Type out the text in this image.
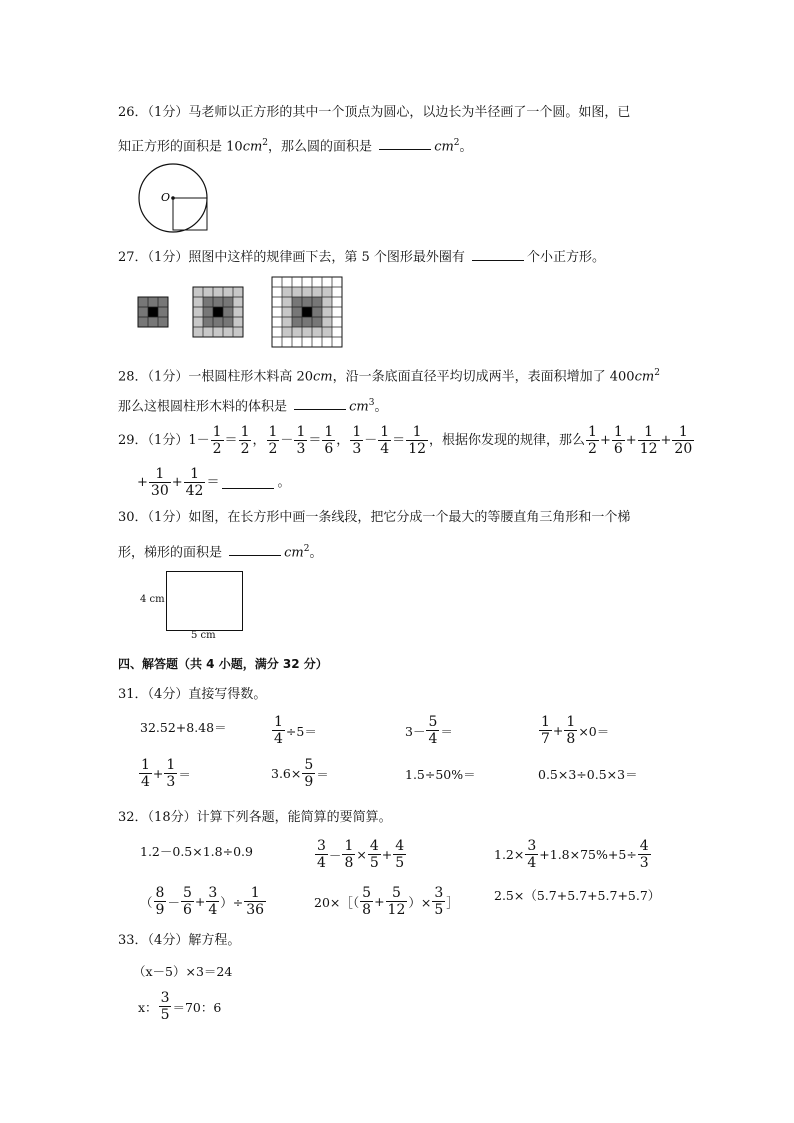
26．（1分）马老师以正方形的其中一个顶点为圆心，以边长为半径画了一个圆。如图，已
知正方形的面积是 $10cm^2$，那么圆的面积是	$cm^2$。
O
27．（1分）照图中这样的规律画下去，第 5 个图形最外圈有	个小正方形。
28．（1分）一根圆柱形木料高 20cm，沿一条底面直径平均切成两半，表面积增加了 $400cm^2$
那么这根圆柱形木料的体积是	$cm^3$。
29．（1分） $1 - \frac{1}{2} = \frac{1}{2}$ ， $\frac{1}{2} - \frac{1}{3} = \frac{1}{6}$ ， $\frac{1}{3} - \frac{1}{4} = \frac{1}{12}$ ，根据你发现的规律，那么 $\frac{1}{2} + \frac{1}{6} + \frac{1}{12} + \frac{1}{20}$
+ $\frac{1}{30} + \frac{1}{42}$ ＝	。
30．（1分）如图，在长方形中画一条线段，把它分成一个最大的等腰直角三角形和一个梯
形，梯形的面积是	$cm^2$。
4 cm
5 cm
四、解答题（共 4 小题，满分 32 分）
31．（4分）直接写得数。
32.52+8.48＝	$\frac{1}{4} \div 5=$	$3- \frac{5}{4}$ ＝	$\frac{1}{7} + \frac{1}{8} \times 0=$
$\frac{1}{4} + \frac{1}{3}$ ＝	$3.6\times \frac{5}{9}$ ＝	1.5÷50%＝	0.5×3÷0.5×3＝
32．（18分）计算下列各题，能简算的要简算。
1.2－0.5×1.8÷0.9	$\frac{3}{4} - \frac{1}{8} \times \frac{4}{5} + \frac{4}{5}$	$1.2\times \frac{3}{4} +1.8\times 75\%+5\div \frac{4}{3}$
（ $\frac{8}{9} - \frac{5}{6} + \frac{3}{4}$ ）÷ $\frac{1}{36}$	20×［（ $\frac{5}{8} + \frac{5}{12}$ ）× $\frac{3}{5}$ ］	2.5×（5.7+5.7+5.7+5.7）
33．（4分）解方程。
（x－5）×3＝24
x： $\frac{3}{5} =70$：6
